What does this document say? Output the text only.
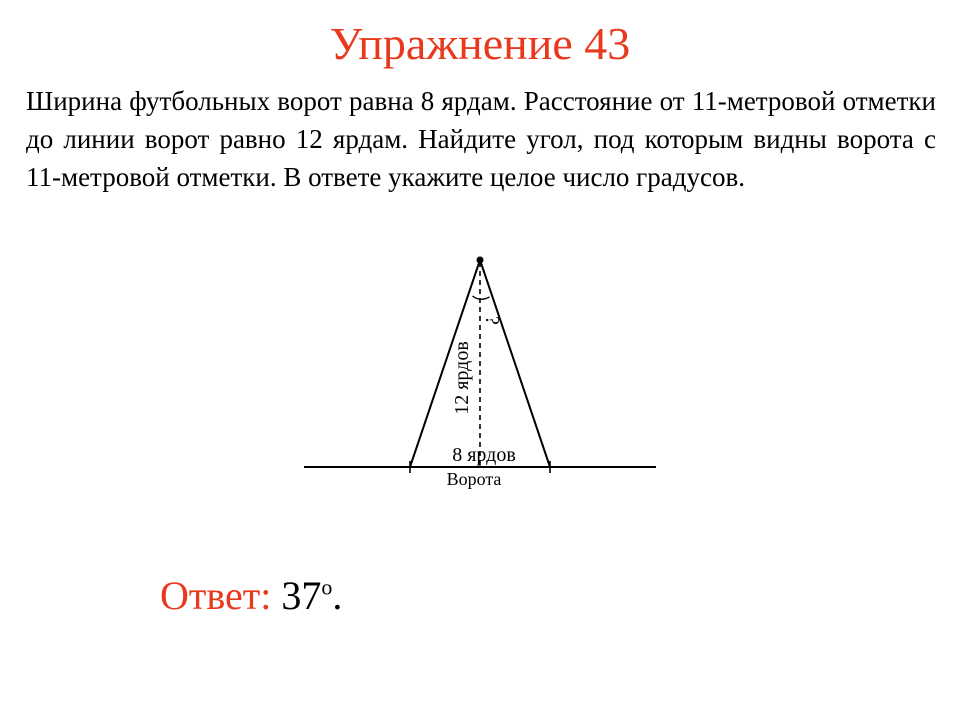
Упражнение 43
Ширина футбольных ворот равна 8 ярдам. Расстояние от 11-метровой отметки до линии ворот равно 12 ярдам. Найдите угол, под которым видны ворота с 11-метровой отметки. В ответе укажите целое число градусов.
?
12 ярдов
8 ярдов
Ворота
Ответ: 37$^o$.
